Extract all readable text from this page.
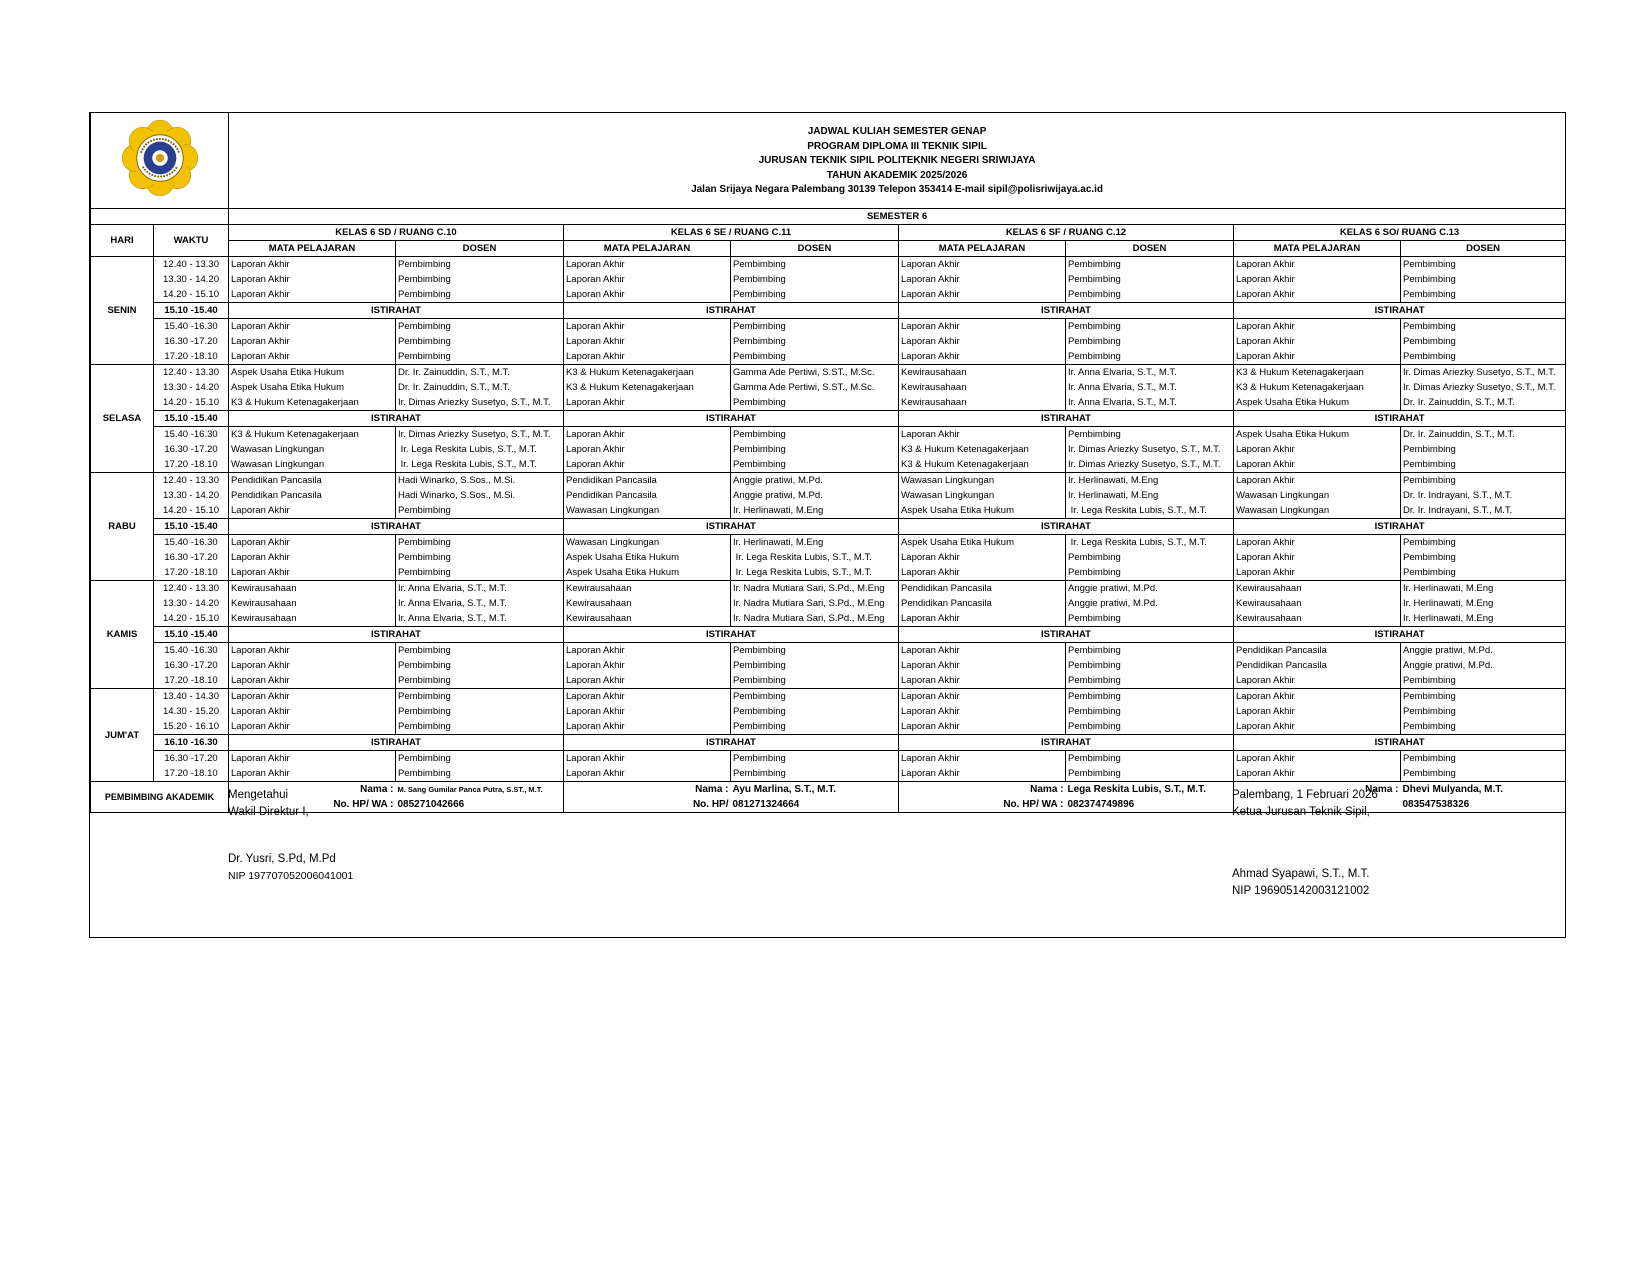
JADWAL KULIAH SEMESTER GENAP
PROGRAM DIPLOMA III TEKNIK SIPIL
JURUSAN TEKNIK SIPIL POLITEKNIK NEGERI SRIWIJAYA
TAHUN AKADEMIK 2025/2026
Jalan Srijaya Negara Palembang 30139 Telepon 353414 E-mail sipil@polisriwijaya.ac.id							

		SEMESTER 6							
HARI	WAKTU	KELAS 6 SD / RUANG C.10		KELAS 6 SE / RUANG C.11		KELAS 6 SF / RUANG C.12		KELAS 6 SO/ RUANG C.13	
		MATA PELAJARAN	DOSEN	MATA PELAJARAN	DOSEN	MATA PELAJARAN	DOSEN	MATA PELAJARAN	DOSEN
SENIN	12.40 - 13.30	Laporan Akhir	Pembimbing	Laporan Akhir	Pembimbing	Laporan Akhir	Pembimbing	Laporan Akhir	Pembimbing
	13.30 - 14.20	Laporan Akhir	Pembimbing	Laporan Akhir	Pembimbing	Laporan Akhir	Pembimbing	Laporan Akhir	Pembimbing
	14.20 - 15.10	Laporan Akhir	Pembimbing	Laporan Akhir	Pembimbing	Laporan Akhir	Pembimbing	Laporan Akhir	Pembimbing
	15.10 -15.40	ISTIRAHAT		ISTIRAHAT		ISTIRAHAT		ISTIRAHAT	
	15.40 -16.30	Laporan Akhir	Pembimbing	Laporan Akhir	Pembimbing	Laporan Akhir	Pembimbing	Laporan Akhir	Pembimbing
	16.30 -17.20	Laporan Akhir	Pembimbing	Laporan Akhir	Pembimbing	Laporan Akhir	Pembimbing	Laporan Akhir	Pembimbing
	17.20 -18.10	Laporan Akhir	Pembimbing	Laporan Akhir	Pembimbing	Laporan Akhir	Pembimbing	Laporan Akhir	Pembimbing
SELASA	12.40 - 13.30	Aspek Usaha Etika Hukum	Dr. Ir. Zainuddin, S.T., M.T.	K3 & Hukum Ketenagakerjaan	Gamma Ade Pertiwi, S.ST., M.Sc.	Kewirausahaan	Ir. Anna Elvaria, S.T., M.T.	K3 & Hukum Ketenagakerjaan	Ir. Dimas Ariezky Susetyo, S.T., M.T.
	13.30 - 14.20	Aspek Usaha Etika Hukum	Dr. Ir. Zainuddin, S.T., M.T.	K3 & Hukum Ketenagakerjaan	Gamma Ade Pertiwi, S.ST., M.Sc.	Kewirausahaan	Ir. Anna Elvaria, S.T., M.T.	K3 & Hukum Ketenagakerjaan	Ir. Dimas Ariezky Susetyo, S.T., M.T.
	14.20 - 15.10	K3 & Hukum Ketenagakerjaan	Ir. Dimas Ariezky Susetyo, S.T., M.T.	Laporan Akhir	Pembimbing	Kewirausahaan	Ir. Anna Elvaria, S.T., M.T.	Aspek Usaha Etika Hukum	Dr. Ir. Zainuddin, S.T., M.T.
	15.10 -15.40	ISTIRAHAT		ISTIRAHAT		ISTIRAHAT		ISTIRAHAT	
	15.40 -16.30	K3 & Hukum Ketenagakerjaan	Ir. Dimas Ariezky Susetyo, S.T., M.T.	Laporan Akhir	Pembimbing	Laporan Akhir	Pembimbing	Aspek Usaha Etika Hukum	Dr. Ir. Zainuddin, S.T., M.T.
	16.30 -17.20	Wawasan Lingkungan	Ir. Lega Reskita Lubis, S.T., M.T.	Laporan Akhir	Pembimbing	K3 & Hukum Ketenagakerjaan	Ir. Dimas Ariezky Susetyo, S.T., M.T.	Laporan Akhir	Pembimbing
	17.20 -18.10	Wawasan Lingkungan	Ir. Lega Reskita Lubis, S.T., M.T.	Laporan Akhir	Pembimbing	K3 & Hukum Ketenagakerjaan	Ir. Dimas Ariezky Susetyo, S.T., M.T.	Laporan Akhir	Pembimbing
RABU	12.40 - 13.30	Pendidikan Pancasila	Hadi Winarko, S.Sos., M.Si.	Pendidikan Pancasila	Anggie pratiwi, M.Pd.	Wawasan Lingkungan	Ir. Herlinawati, M.Eng	Laporan Akhir	Pembimbing
	13.30 - 14.20	Pendidikan Pancasila	Hadi Winarko, S.Sos., M.Si.	Pendidikan Pancasila	Anggie pratiwi, M.Pd.	Wawasan Lingkungan	Ir. Herlinawati, M.Eng	Wawasan Lingkungan	Dr. Ir. Indrayani, S.T., M.T.
	14.20 - 15.10	Laporan Akhir	Pembimbing	Wawasan Lingkungan	Ir. Herlinawati, M.Eng	Aspek Usaha Etika Hukum	Ir. Lega Reskita Lubis, S.T., M.T.	Wawasan Lingkungan	Dr. Ir. Indrayani, S.T., M.T.
	15.10 -15.40	ISTIRAHAT		ISTIRAHAT		ISTIRAHAT		ISTIRAHAT	
	15.40 -16.30	Laporan Akhir	Pembimbing	Wawasan Lingkungan	Ir. Herlinawati, M.Eng	Aspek Usaha Etika Hukum	Ir. Lega Reskita Lubis, S.T., M.T.	Laporan Akhir	Pembimbing
	16.30 -17.20	Laporan Akhir	Pembimbing	Aspek Usaha Etika Hukum	Ir. Lega Reskita Lubis, S.T., M.T.	Laporan Akhir	Pembimbing	Laporan Akhir	Pembimbing
	17.20 -18.10	Laporan Akhir	Pembimbing	Aspek Usaha Etika Hukum	Ir. Lega Reskita Lubis, S.T., M.T.	Laporan Akhir	Pembimbing	Laporan Akhir	Pembimbing
KAMIS	12.40 - 13.30	Kewirausahaan	Ir. Anna Elvaria, S.T., M.T.	Kewirausahaan	Ir. Nadra Mutiara Sari, S.Pd., M.Eng	Pendidikan Pancasila	Anggie pratiwi, M.Pd.	Kewirausahaan	Ir. Herlinawati, M.Eng
	13.30 - 14.20	Kewirausahaan	Ir. Anna Elvaria, S.T., M.T.	Kewirausahaan	Ir. Nadra Mutiara Sari, S.Pd., M.Eng	Pendidikan Pancasila	Anggie pratiwi, M.Pd.	Kewirausahaan	Ir. Herlinawati, M.Eng
	14.20 - 15.10	Kewirausahaan	Ir. Anna Elvaria, S.T., M.T.	Kewirausahaan	Ir. Nadra Mutiara Sari, S.Pd., M.Eng	Laporan Akhir	Pembimbing	Kewirausahaan	Ir. Herlinawati, M.Eng
	15.10 -15.40	ISTIRAHAT		ISTIRAHAT		ISTIRAHAT		ISTIRAHAT	
	15.40 -16.30	Laporan Akhir	Pembimbing	Laporan Akhir	Pembimbing	Laporan Akhir	Pembimbing	Pendidikan Pancasila	Anggie pratiwi, M.Pd.
	16.30 -17.20	Laporan Akhir	Pembimbing	Laporan Akhir	Pembimbing	Laporan Akhir	Pembimbing	Pendidikan Pancasila	Anggie pratiwi, M.Pd.
	17.20 -18.10	Laporan Akhir	Pembimbing	Laporan Akhir	Pembimbing	Laporan Akhir	Pembimbing	Laporan Akhir	Pembimbing
JUM'AT	13.40 - 14.30	Laporan Akhir	Pembimbing	Laporan Akhir	Pembimbing	Laporan Akhir	Pembimbing	Laporan Akhir	Pembimbing
	14.30 - 15.20	Laporan Akhir	Pembimbing	Laporan Akhir	Pembimbing	Laporan Akhir	Pembimbing	Laporan Akhir	Pembimbing
	15.20 - 16.10	Laporan Akhir	Pembimbing	Laporan Akhir	Pembimbing	Laporan Akhir	Pembimbing	Laporan Akhir	Pembimbing
	16.10 -16.30	ISTIRAHAT		ISTIRAHAT		ISTIRAHAT		ISTIRAHAT	
	16.30 -17.20	Laporan Akhir	Pembimbing	Laporan Akhir	Pembimbing	Laporan Akhir	Pembimbing	Laporan Akhir	Pembimbing
	17.20 -18.10	Laporan Akhir	Pembimbing	Laporan Akhir	Pembimbing	Laporan Akhir	Pembimbing	Laporan Akhir	Pembimbing
PEMBIMBING AKADEMIK		Nama :	M. Sang Gumilar Panca Putra, S.ST., M.T.	Nama :	Ayu Marlina, S.T., M.T.	Nama :	Lega Reskita Lubis, S.T., M.T.	Nama :	Dhevi Mulyanda, M.T.
		No. HP/ WA :	085271042666	No. HP/	081271324664	No. HP/ WA :	082374749896		083547538326
Mengetahui
Wakil Direktur I,
Dr. Yusri, S.Pd, M.Pd
NIP 197707052006041001
Palembang, 1 Februari 2026
Ketua Jurusan Teknik Sipil,
Ahmad Syapawi, S.T., M.T.
NIP 196905142003121002
